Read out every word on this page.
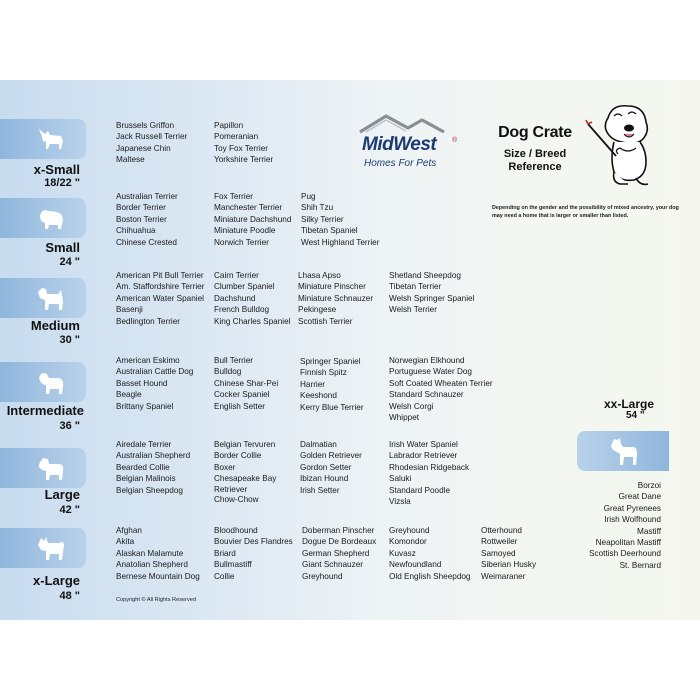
x-Small
18/22 "
Brussels Griffon
Jack Russell Terrier
Japanese Chin
Maltese
Papillon
Pomeranian
Toy Fox Terrier
Yorkshire Terrier
Small
24 "
Australian Terrier
Border Terrier
Boston Terrier
Chihuahua
Chinese Crested
Fox Terrier
Manchester Terrier
Miniature Dachshund
Miniature Poodle
Norwich Terrier
Pug
Shih Tzu
Silky Terrier
Tibetan Spaniel
West Highland Terrier
Medium
30 "
American Pit Bull Terrier
Am. Staffordshire Terrier
American Water Spaniel
Basenji
Bedlington Terrier
Cairn Terrier
Clumber Spaniel
Dachshund
French Bulldog
King Charles Spaniel
Lhasa Apso
Miniature Pinscher
Miniature Schnauzer
Pekingese
Scottish Terrier
Shetland Sheepdog
Tibetan Terrier
Welsh Springer Spaniel
Welsh Terrier
Intermediate
36 "
American Eskimo
Australian Cattle Dog
Basset Hound
Beagle
Brittany Spaniel
Bull Terrier
Bulldog
Chinese Shar-Pei
Cocker Spaniel
English Setter
Springer Spaniel
Finnish Spitz
Harrier
Keeshond
Kerry Blue Terrier
Norwegian Elkhound
Portuguese Water Dog
Soft Coated Wheaten Terrier
Standard Schnauzer
Welsh Corgi
Whippet
Large
42 "
Airedale Terrier
Australian Shepherd
Bearded Collie
Belgian Malinois
Belgian Sheepdog
Belgian Tervuren
Border Collie
Boxer
Chesapeake Bay
Retriever
Chow-Chow
Dalmatian
Golden Retriever
Gordon Setter
Ibizan Hound
Irish Setter
Irish Water Spaniel
Labrador Retriever
Rhodesian Ridgeback
Saluki
Standard Poodle
Vizsla
x-Large
48 "
Afghan
Akita
Alaskan Malamute
Anatolian Shepherd
Bernese Mountain Dog
Bloodhound
Bouvier Des Flandres
Briard
Bullmastiff
Collie
Doberman Pinscher
Dogue De Bordeaux
German Shepherd
Giant Schnauzer
Greyhound
Greyhound
Komondor
Kuvasz
Newfoundland
Old English Sheepdog
Otterhound
Rottweiler
Samoyed
Siberian Husky
Weimaraner
MidWest ®
Homes For Pets
Dog Crate
Size / Breed
Reference
Depending on the gender and the possibility of mixed ancestry, your dog may need a home that is larger or smaller than listed.
xx-Large
54 "
Borzoi
Great Dane
Great Pyrenees
Irish Wolfhound
Mastiff
Neapolitan Mastiff
Scottish Deerhound
St. Bernard
Copyright © All Rights Reserved
